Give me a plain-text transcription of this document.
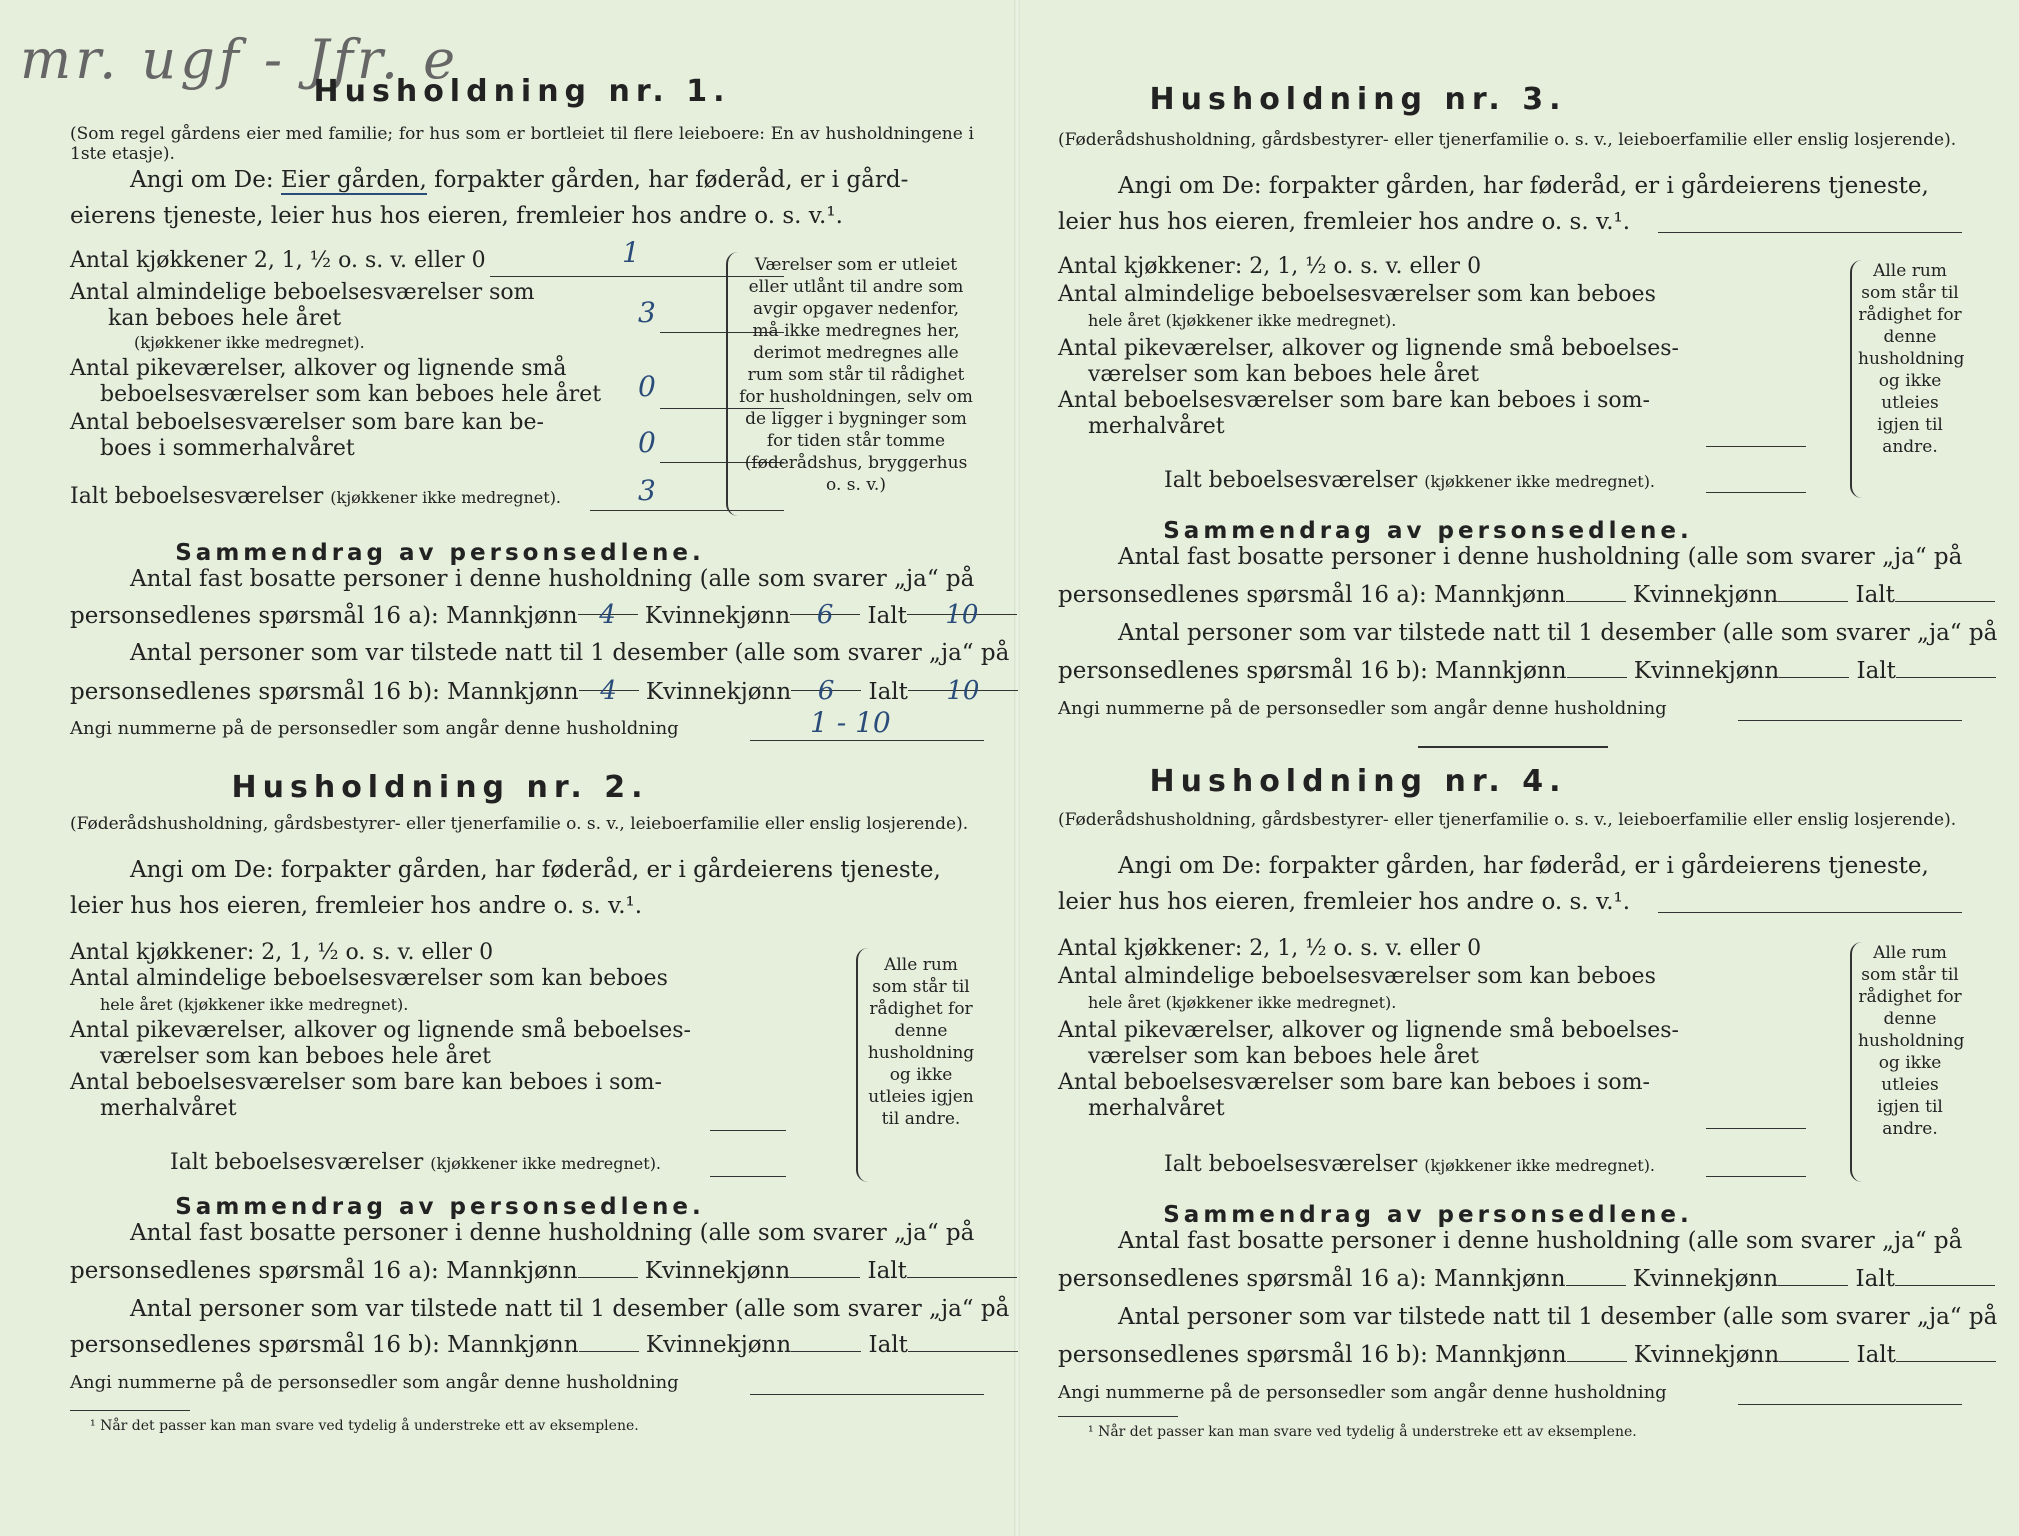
mr. ugf - Jfr. e
Husholdning nr. 1.
(Som regel gårdens eier med familie; for hus som er bortleiet til flere leieboere: En av husholdningene i 1ste etasje).
Angi om De: Eier gården, forpakter gården, har føderåd, er i gård-
eierens tjeneste, leier hus hos eieren, fremleier hos andre o. s. v.¹.
Antal kjøkkener 2, 1, ½ o. s. v. eller 0	1
Antal almindelige beboelsesværelser som
kan beboes hele året
(kjøkkener ikke medregnet).
3
Antal pikeværelser, alkover og lignende små
beboelsesværelser som kan beboes hele året 0
Antal beboelsesværelser som bare kan be-
boes i sommerhalvåret	0
Ialt beboelsesværelser (kjøkkener ikke medregnet).	3
Værelser som er utleiet eller utlånt til andre som avgir opgaver nedenfor, må ikke medregnes her, derimot medregnes alle rum som står til rådighet for husholdningen, selv om de ligger i bygninger som for tiden står tomme (føderådshus, bryggerhus o. s. v.)
Sammendrag av personsedlene.
Antal fast bosatte personer i denne husholdning (alle som svarer „ja“ på
personsedlenes spørsmål 16 a): Mannkjønn 4 Kvinnekjønn 6 Ialt 10
Antal personer som var tilstede natt til 1 desember (alle som svarer „ja“ på
personsedlenes spørsmål 16 b): Mannkjønn 4 Kvinnekjønn 6 Ialt 10
Angi nummerne på de personsedler som angår denne husholdning	1 - 10
Husholdning nr. 2.
(Føderådshusholdning, gårdsbestyrer- eller tjenerfamilie o. s. v., leieboerfamilie eller enslig losjerende).
Angi om De: forpakter gården, har føderåd, er i gårdeierens tjeneste,
leier hus hos eieren, fremleier hos andre o. s. v.¹.
Antal kjøkkener: 2, 1, ½ o. s. v. eller 0
Antal almindelige beboelsesværelser som kan beboes
hele året (kjøkkener ikke medregnet).
Antal pikeværelser, alkover og lignende små beboelses-
værelser som kan beboes hele året
Antal beboelsesværelser som bare kan beboes i som-
merhalvåret
Ialt beboelsesværelser (kjøkkener ikke medregnet).
Alle rum som står til rådighet for denne husholdning og ikke utleies igjen til andre.
Sammendrag av personsedlene.
Antal fast bosatte personer i denne husholdning (alle som svarer „ja“ på
personsedlenes spørsmål 16 a): Mannkjønn	Kvinnekjønn	Ialt
Antal personer som var tilstede natt til 1 desember (alle som svarer „ja“ på
personsedlenes spørsmål 16 b): Mannkjønn	Kvinnekjønn	Ialt
Angi nummerne på de personsedler som angår denne husholdning
¹ Når det passer kan man svare ved tydelig å understreke ett av eksemplene.
Husholdning nr. 3.
(Føderådshusholdning, gårdsbestyrer- eller tjenerfamilie o. s. v., leieboerfamilie eller enslig losjerende).
Angi om De: forpakter gården, har føderåd, er i gårdeierens tjeneste,
leier hus hos eieren, fremleier hos andre o. s. v.¹.
Antal kjøkkener: 2, 1, ½ o. s. v. eller 0
Antal almindelige beboelsesværelser som kan beboes
hele året (kjøkkener ikke medregnet).
Antal pikeværelser, alkover og lignende små beboelses-
værelser som kan beboes hele året
Antal beboelsesværelser som bare kan beboes i som-
merhalvåret
Ialt beboelsesværelser (kjøkkener ikke medregnet).
Alle rum som står til rådighet for denne husholdning og ikke utleies igjen til andre.
Sammendrag av personsedlene.
Antal fast bosatte personer i denne husholdning (alle som svarer „ja“ på
personsedlenes spørsmål 16 a): Mannkjønn	Kvinnekjønn	Ialt
Antal personer som var tilstede natt til 1 desember (alle som svarer „ja“ på
personsedlenes spørsmål 16 b): Mannkjønn	Kvinnekjønn	Ialt
Angi nummerne på de personsedler som angår denne husholdning
Husholdning nr. 4.
(Føderådshusholdning, gårdsbestyrer- eller tjenerfamilie o. s. v., leieboerfamilie eller enslig losjerende).
Angi om De: forpakter gården, har føderåd, er i gårdeierens tjeneste,
leier hus hos eieren, fremleier hos andre o. s. v.¹.
Antal kjøkkener: 2, 1, ½ o. s. v. eller 0
Antal almindelige beboelsesværelser som kan beboes
hele året (kjøkkener ikke medregnet).
Antal pikeværelser, alkover og lignende små beboelses-
værelser som kan beboes hele året
Antal beboelsesværelser som bare kan beboes i som-
merhalvåret
Ialt beboelsesværelser (kjøkkener ikke medregnet).
Alle rum som står til rådighet for denne husholdning og ikke utleies igjen til andre.
Sammendrag av personsedlene.
Antal fast bosatte personer i denne husholdning (alle som svarer „ja“ på
personsedlenes spørsmål 16 a): Mannkjønn	Kvinnekjønn	Ialt
Antal personer som var tilstede natt til 1 desember (alle som svarer „ja“ på
personsedlenes spørsmål 16 b): Mannkjønn	Kvinnekjønn	Ialt
Angi nummerne på de personsedler som angår denne husholdning
¹ Når det passer kan man svare ved tydelig å understreke ett av eksemplene.
